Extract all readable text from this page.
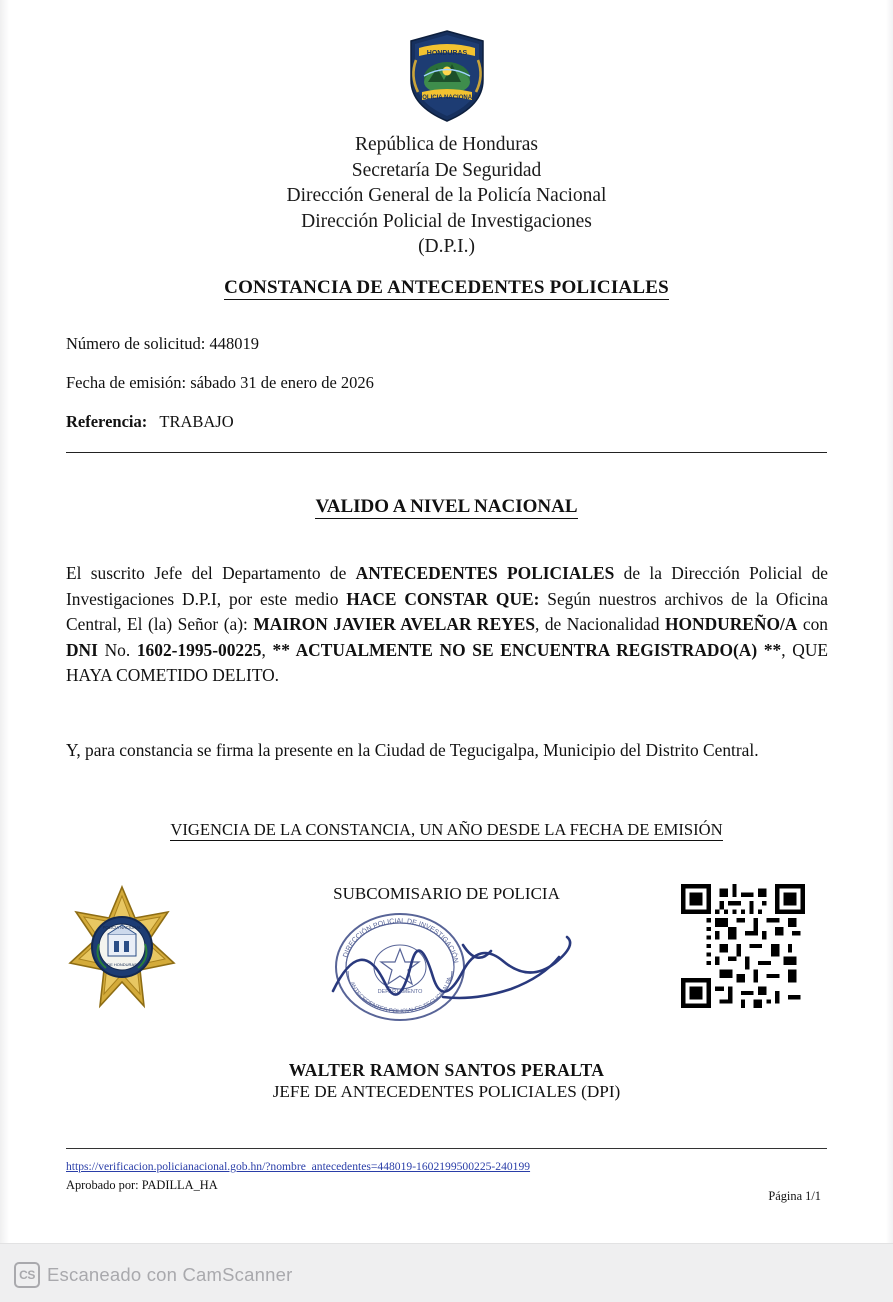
HONDURAS
POLICIA NACIONAL
República de Honduras
Secretaría De Seguridad
Dirección General de la Policía Nacional
Dirección Policial de Investigaciones
(D.P.I.)
CONSTANCIA DE ANTECEDENTES POLICIALES
Número de solicitud: 448019
Fecha de emisión: sábado 31 de enero de 2026
Referencia: TRABAJO
VALIDO A NIVEL NACIONAL
El suscrito Jefe del Departamento de ANTECEDENTES POLICIALES de la Dirección Policial de Investigaciones D.P.I, por este medio HACE CONSTAR QUE: Según nuestros archivos de la Oficina Central, El (la) Señor (a): MAIRON JAVIER AVELAR REYES, de Nacionalidad HONDUREÑO/A con DNI No. 1602-1995-00225, ** ACTUALMENTE NO SE ENCUENTRA REGISTRADO(A) **, QUE HAYA COMETIDO DELITO.
Y, para constancia se firma la presente en la Ciudad de Tegucigalpa, Municipio del Distrito Central.
VIGENCIA DE LA CONSTANCIA, UN AÑO DESDE LA FECHA DE EMISIÓN
SUBCOMISARIO DE POLICIA
POLICIA NACIONAL
DE HONDURAS
DIRECCIÓN POLICIAL DE INVESTIGACIÓN
ANTECEDENTES POLICIALES TEGUCIGALPA
DEPARTAMENTO
WALTER RAMON SANTOS PERALTA
JEFE DE ANTECEDENTES POLICIALES (DPI)
https://verificacion.policianacional.gob.hn/?nombre_antecedentes=448019-1602199500225-240199
Aprobado por: PADILLA_HA
Página 1/1
CS Escaneado con CamScanner
